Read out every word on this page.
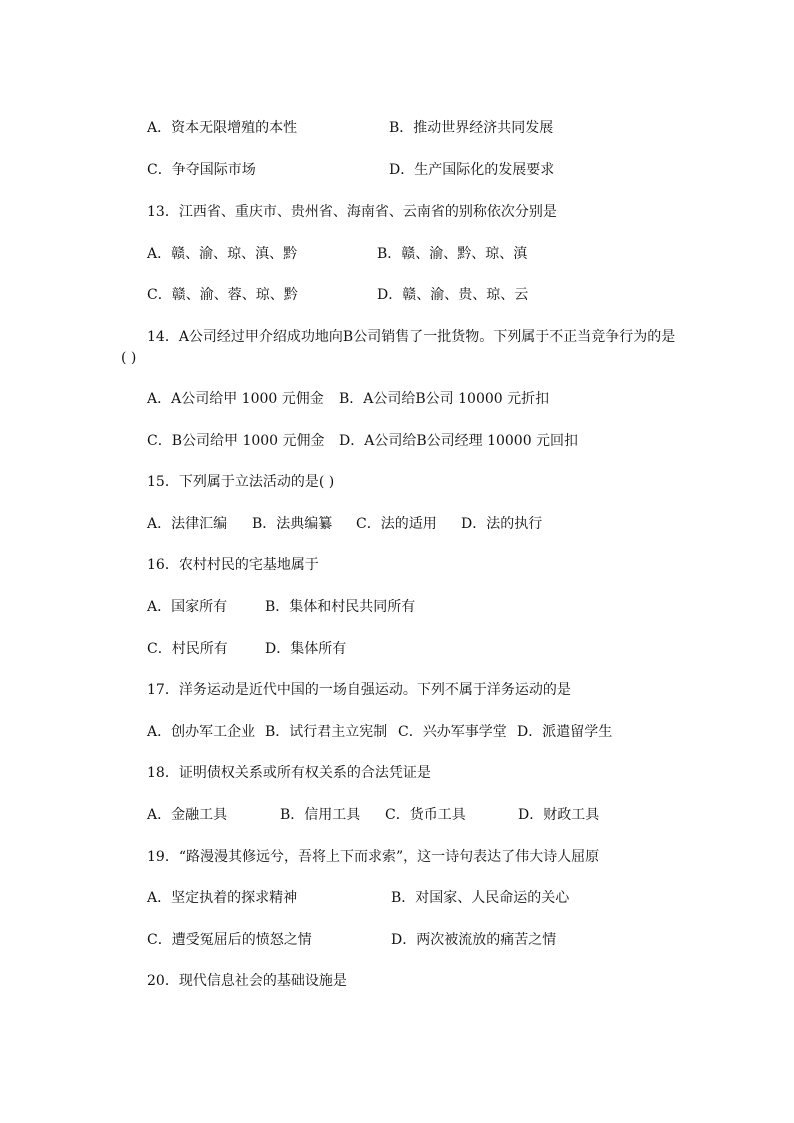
A．资本无限增殖的本性	B．推动世界经济共同发展
C．争夺国际市场	D．生产国际化的发展要求
13．江西省、重庆市、贵州省、海南省、云南省的别称依次分别是
A．赣、渝、琼、滇、黔	B．赣、渝、黔、琼、滇
C．赣、渝、蓉、琼、黔	D．赣、渝、贵、琼、云
14．A公司经过甲介绍成功地向B公司销售了一批货物。下列属于不正当竞争行为的是
( )
A．A公司给甲 1000 元佣金 B．A公司给B公司 10000 元折扣
C．B公司给甲 1000 元佣金 D．A公司给B公司经理 10000 元回扣
15．下列属于立法活动的是( )
A．法律汇编 B．法典编纂 C．法的适用 D．法的执行
16．农村村民的宅基地属于
A．国家所有	B．集体和村民共同所有
C．村民所有	D．集体所有
17．洋务运动是近代中国的一场自强运动。下列不属于洋务运动的是
A．创办军工企业 B．试行君主立宪制 C．兴办军事学堂 D．派遣留学生
18．证明债权关系或所有权关系的合法凭证是
A．金融工具	B．信用工具 C．货币工具	D．财政工具
19．“路漫漫其修远兮，吾将上下而求索”，这一诗句表达了伟大诗人屈原
A．坚定执着的探求精神	B．对国家、人民命运的关心
C．遭受冤屈后的愤怒之情	D．两次被流放的痛苦之情
20．现代信息社会的基础设施是
